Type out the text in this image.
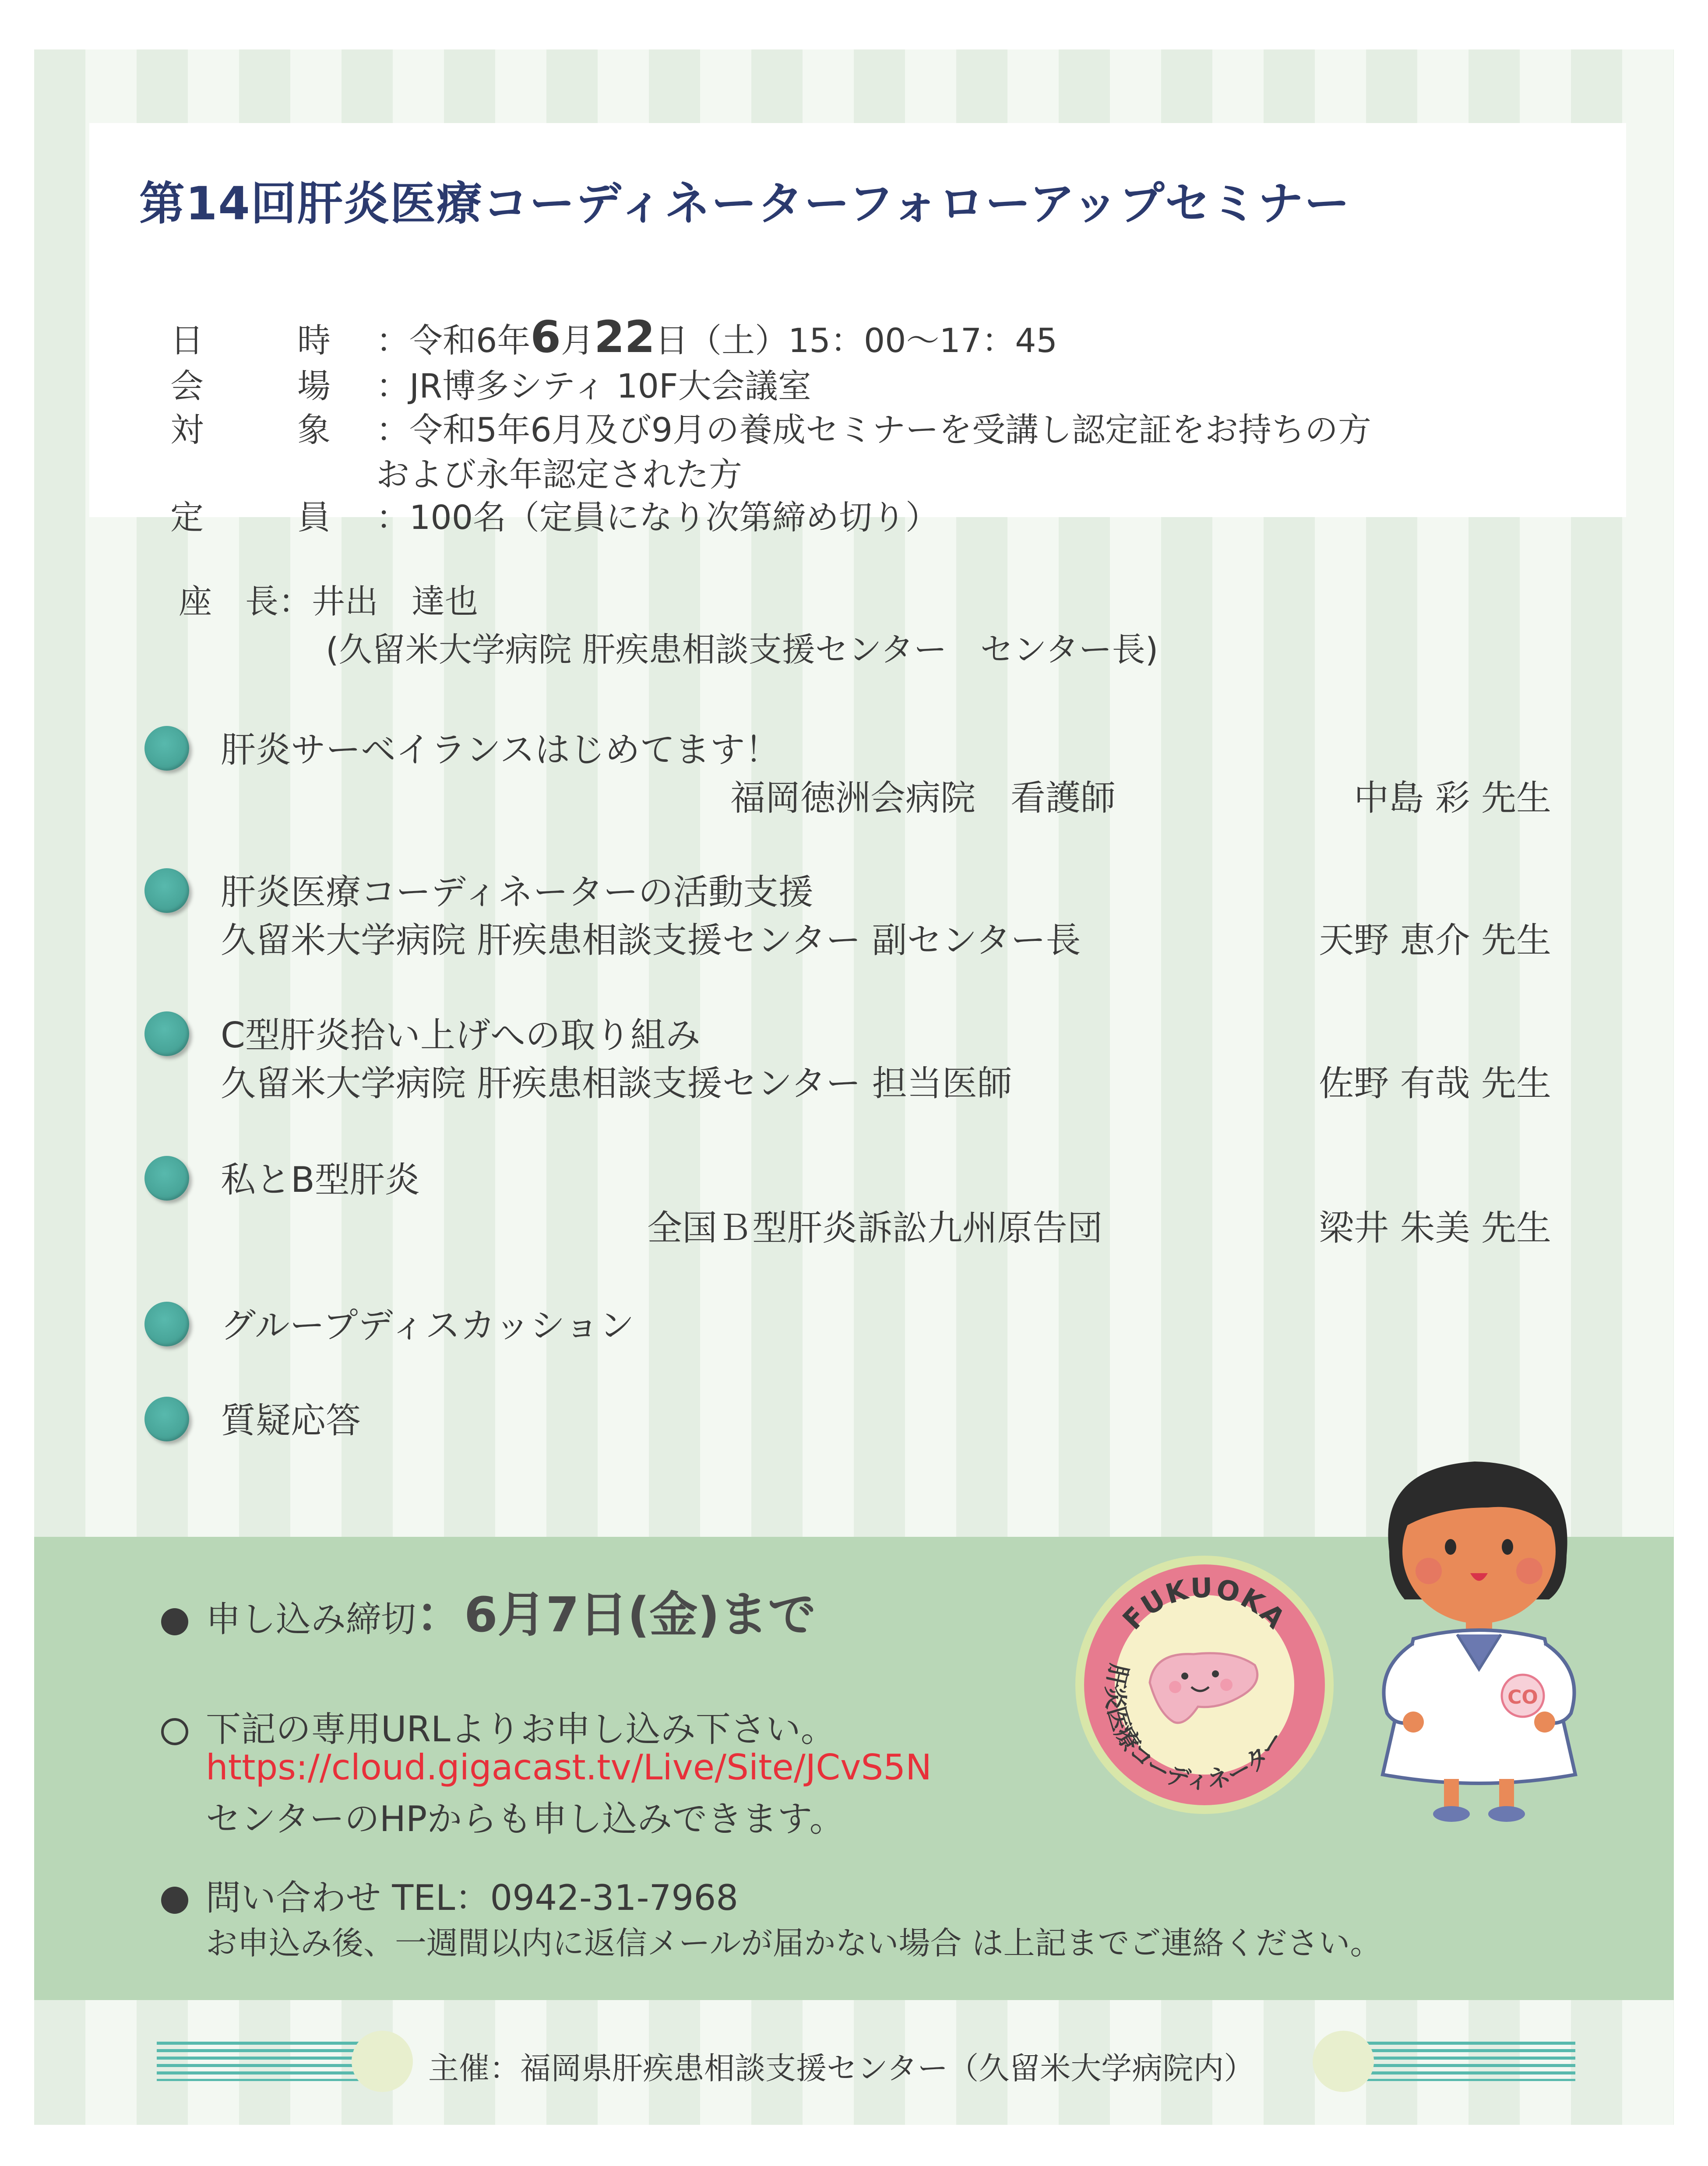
第14回肝炎医療コーディネーターフォローアップセミナー
日	時 ：令和6年6月22日（土）15：00〜17：45
会	場 ：JR博多シティ 10F大会議室
対	象 ：令和5年6月及び9月の養成セミナーを受講し認定証をお持ちの方
および永年認定された方
定	員 ：100名（定員になり次第締め切り）
座　長：井出　達也
(久留米大学病院 肝疾患相談支援センター　センター長)
肝炎サーベイランスはじめてます！
福岡徳洲会病院　看護師	中島 彩 先生
肝炎医療コーディネーターの活動支援
久留米大学病院 肝疾患相談支援センター 副センター長	天野 恵介 先生
C型肝炎拾い上げへの取り組み
久留米大学病院 肝疾患相談支援センター 担当医師	佐野 有哉 先生
私とB型肝炎
全国Ｂ型肝炎訴訟九州原告団	梁井 朱美 先生
グループディスカッション
質疑応答
申し込み締切：6月7日(金)まで
下記の専用URLよりお申し込み下さい。
https://cloud.gigacast.tv/Live/Site/JCvS5N
センターのHPからも申し込みできます。
問い合わせ TEL：0942-31-7968
お申込み後、一週間以内に返信メールが届かない場合 は上記までご連絡ください。
FUKUOKA
肝炎医療コーディネーター
CO
主催：福岡県肝疾患相談支援センター（久留米大学病院内）
